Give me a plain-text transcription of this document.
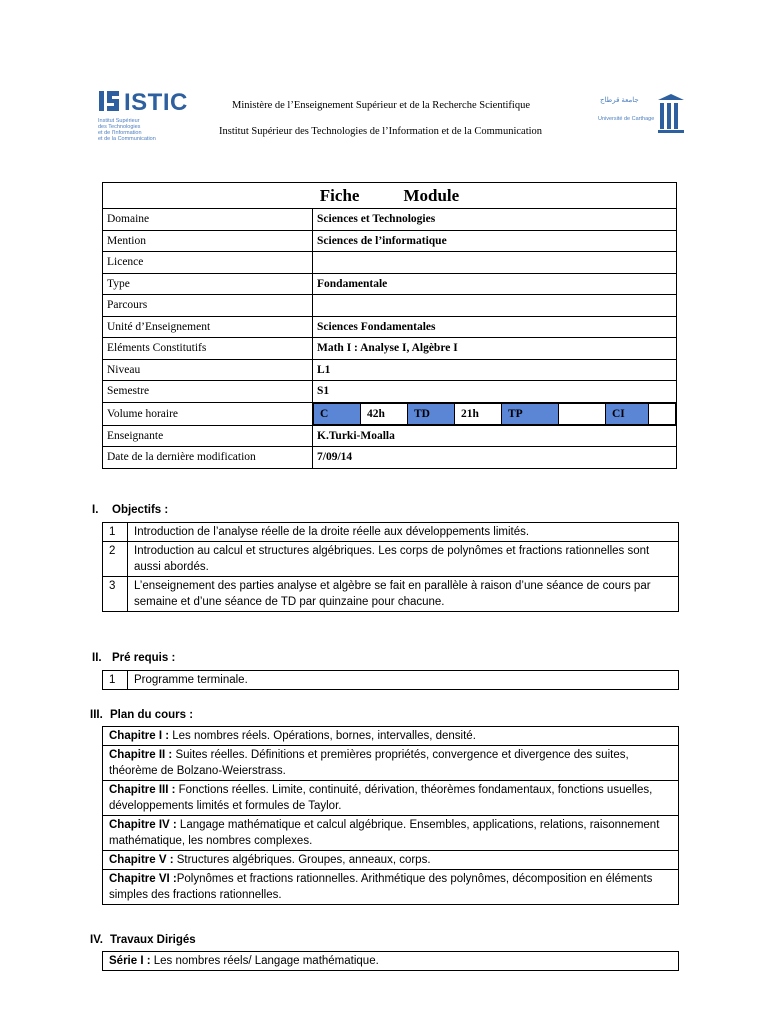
ISTIC
Institut Supérieur
des Technologies
et de l'Information
et de la Communication
Ministère de l’Enseignement Supérieur et de la Recherche Scientifique
Institut Supérieur des Technologies de l’Information et de la Communication
جامعة قرطاج
Université de Carthage
Fiche	Module
Domaine	Sciences et Technologies
Mention	Sciences de l’informatique
Licence	
Type	Fondamentale
Parcours	
Unité d’Enseignement	Sciences Fondamentales
Eléments Constitutifs	Math I : Analyse I, Algèbre I
Niveau	L1
Semestre	S1
Volume horaire		C	42h	TD	21h	TP		CI	

Enseignante	K.Turki-Moalla
Date de la dernière modification	7/09/14
I. Objectifs :
1	Introduction de l’analyse réelle de la droite réelle aux développements limités.
2	Introduction au calcul et structures algébriques. Les corps de polynômes et fractions rationnelles sont aussi abordés.
3	L’enseignement des parties analyse et algèbre se fait en parallèle à raison d’une séance de cours par semaine et d’une séance de TD par quinzaine pour chacune.
II. Pré requis :
1	Programme terminale.
III. Plan du cours :
Chapitre I : Les nombres réels. Opérations, bornes, intervalles, densité.
Chapitre II : Suites réelles. Définitions et premières propriétés, convergence et divergence des suites, théorème de Bolzano-Weierstrass.
Chapitre III : Fonctions réelles. Limite, continuité, dérivation, théorèmes fondamentaux, fonctions usuelles, développements limités et formules de Taylor.
Chapitre IV : Langage mathématique et calcul algébrique. Ensembles, applications, relations, raisonnement mathématique, les nombres complexes.
Chapitre V : Structures algébriques. Groupes, anneaux, corps.
Chapitre VI :Polynômes et fractions rationnelles. Arithmétique des polynômes, décomposition en éléments simples des fractions rationnelles.
IV. Travaux Dirigés
Série I : Les nombres réels/ Langage mathématique.
